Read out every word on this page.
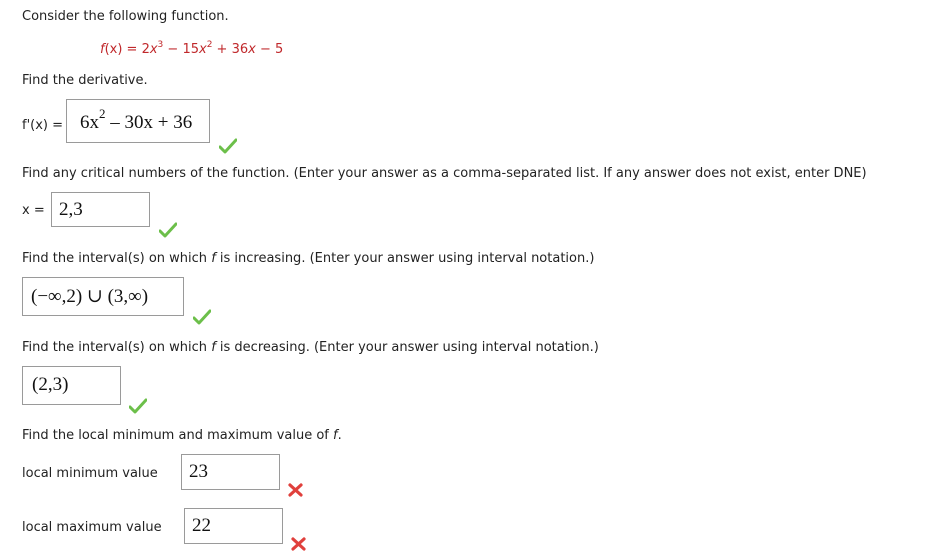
Consider the following function.
$f(x) = 2x^3 - 15x^2 + 36x - 5$
Find the derivative.
$f'(x) = 6x^2 - 30x + 36$
Find any critical numbers of the function. (Enter your answer as a comma-separated list. If any answer does not exist, enter DNE)
x = 2,3
Find the interval(s) on which f is increasing. (Enter your answer using interval notation.)
(−∞,2) ∪ (3,∞)
Find the interval(s) on which f is decreasing. (Enter your answer using interval notation.)
(2,3)
Find the local minimum and maximum value of f.
local minimum value 23
local maximum value 22
